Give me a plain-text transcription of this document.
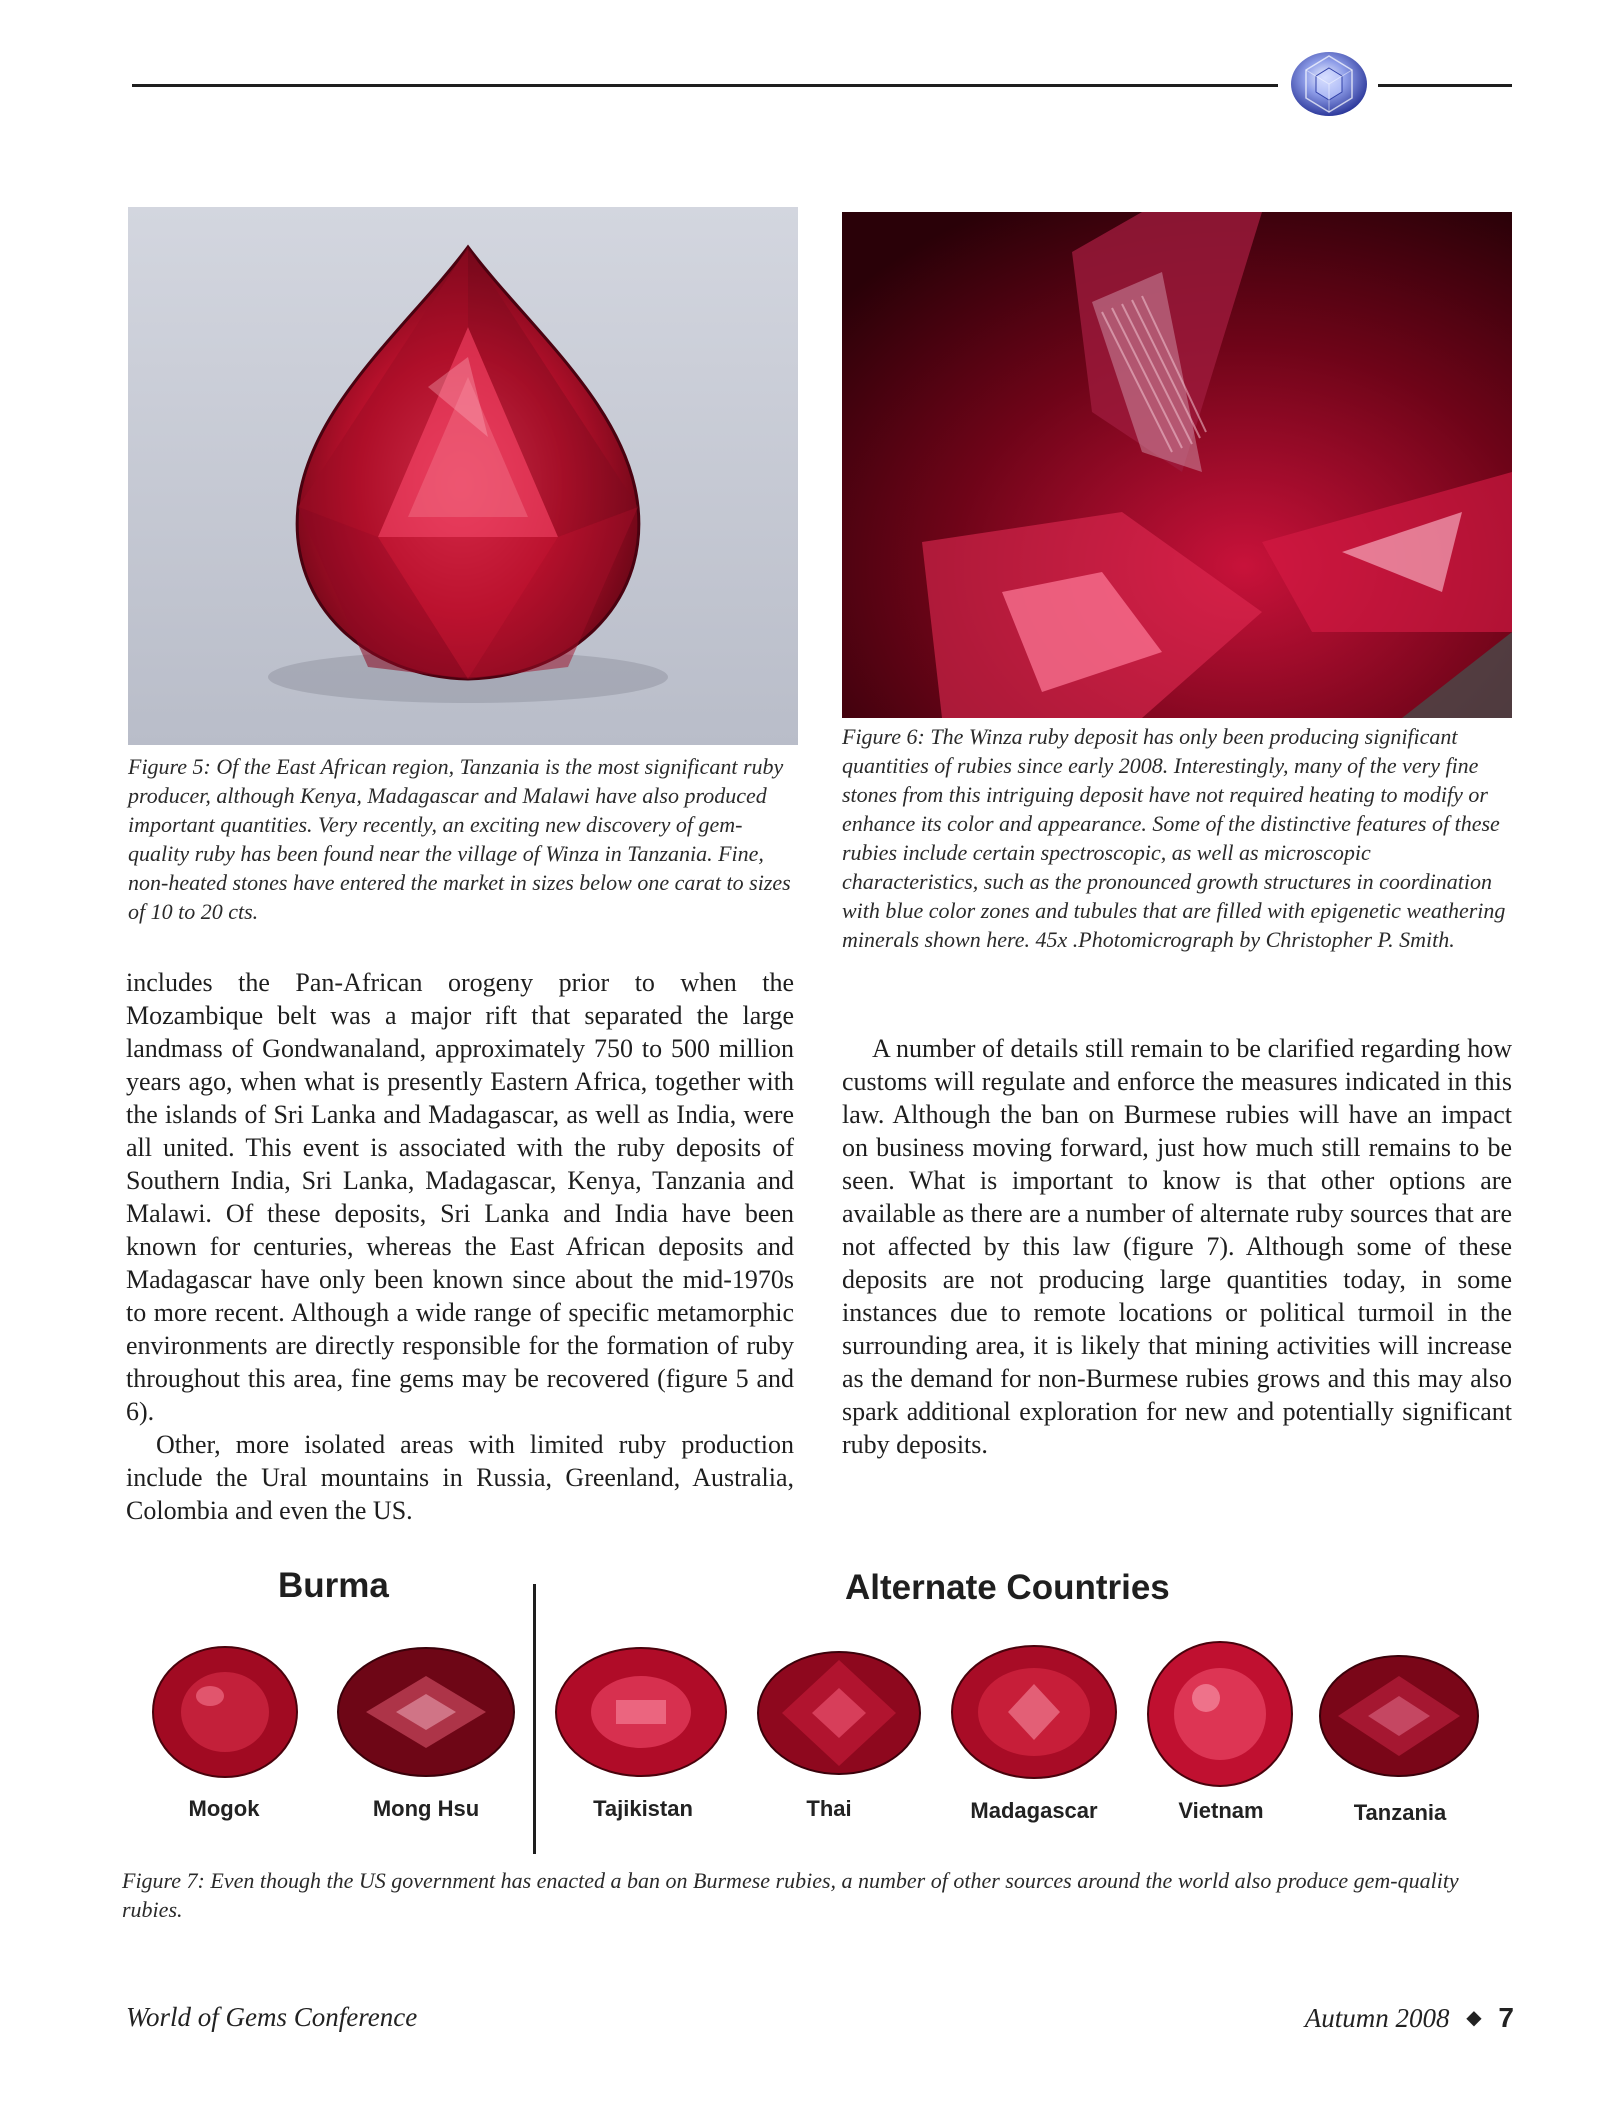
Figure 5: Of the East African region, Tanzania is the most significant ruby producer, although Kenya, Madagascar and Malawi have also produced important quantities. Very recently, an exciting new discovery of gem-quality ruby has been found near the village of Winza in Tanzania. Fine, non-heated stones have entered the market in sizes below one carat to sizes of 10 to 20 cts.
Figure 6: The Winza ruby deposit has only been producing significant quantities of rubies since early 2008. Interestingly, many of the very fine stones from this intriguing deposit have not required heating to modify or enhance its color and appearance. Some of the distinctive features of these rubies include certain spectroscopic, as well as microscopic characteristics, such as the pronounced growth structures in coordination with blue color zones and tubules that are filled with epigenetic weathering minerals shown here. 45x .Photomicrograph by Christopher P. Smith.

includes the Pan-African orogeny prior to when the Mozambique belt was a major rift that separated the large landmass of Gondwanaland, approximately 750 to 500 million years ago, when what is presently Eastern Africa, together with the islands of Sri Lanka and Madagascar, as well as India, were all united. This event is associated with the ruby deposits of Southern India, Sri Lanka, Madagascar, Kenya, Tanzania and Malawi. Of these deposits, Sri Lanka and India have been known for centuries, whereas the East African deposits and Madagascar have only been known since about the mid-1970s to more recent. Although a wide range of specific metamorphic environments are directly responsible for the formation of ruby throughout this area, fine gems may be recovered (figure 5 and 6).

Other, more isolated areas with limited ruby production include the Ural mountains in Russia, Greenland, Australia, Colombia and even the US.

A number of details still remain to be clarified regarding how customs will regulate and enforce the measures indicated in this law. Although the ban on Burmese rubies will have an impact on business moving forward, just how much still remains to be seen. What is important to know is that other options are available as there are a number of alternate ruby sources that are not affected by this law (figure 7). Although some of these deposits are not producing large quantities today, in some instances due to remote locations or political turmoil in the surrounding area, it is likely that mining activities will increase as the demand for non-Burmese rubies grows and this may also spark additional exploration for new and potentially significant ruby deposits.

Burma	Alternate Countries
Mogok	Mong Hsu	Tajikistan	Thai	Madagascar	Vietnam	Tanzania
Figure 7: Even though the US government has enacted a ban on Burmese rubies, a number of other sources around the world also produce gem-quality rubies.
World of Gems Conference	Autumn 2008 ◆ 7
